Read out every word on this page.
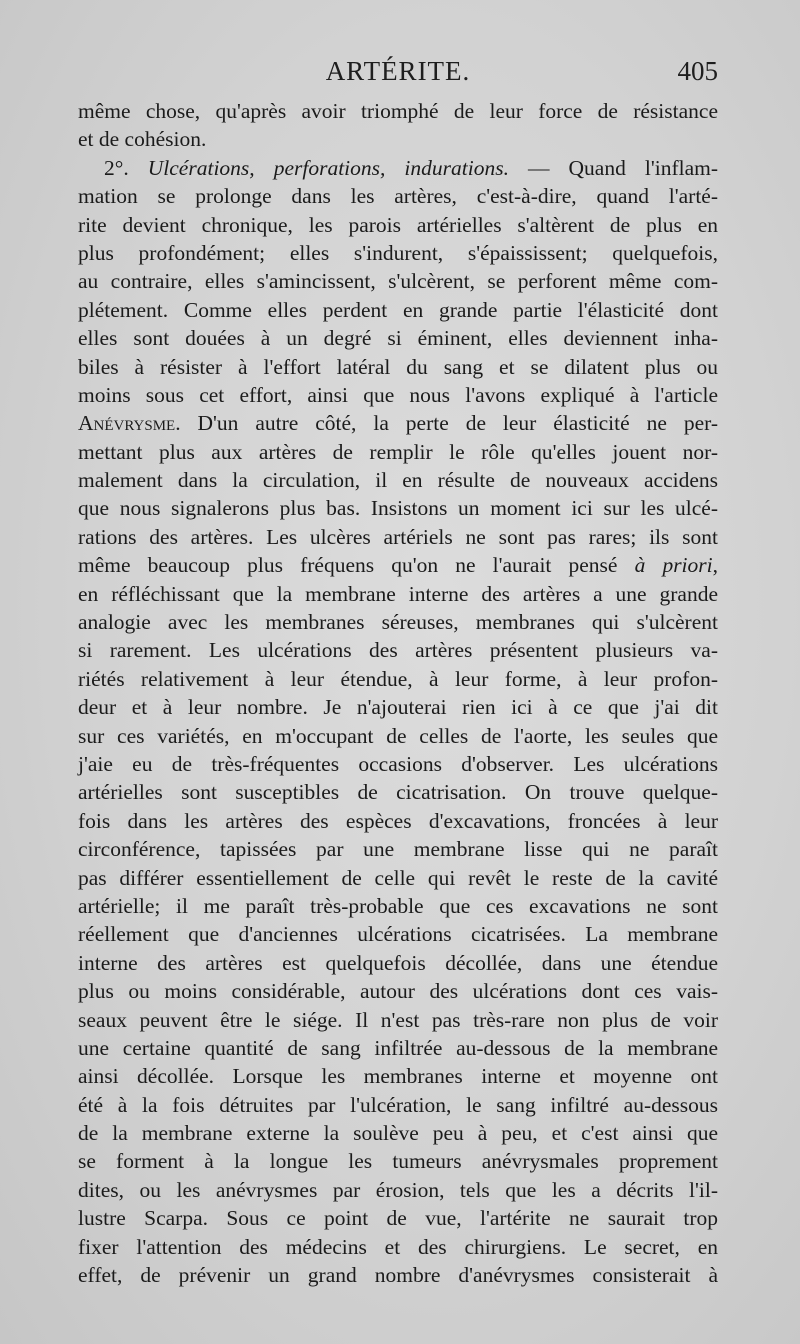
ARTÉRITE.	405
même chose, qu'après avoir triomphé de leur force de résistance
et de cohésion.
2°. Ulcérations, perforations, indurations. — Quand l'inflam-
mation se prolonge dans les artères, c'est-à-dire, quand l'arté-
rite devient chronique, les parois artérielles s'altèrent de plus en
plus profondément; elles s'indurent, s'épaississent; quelquefois,
au contraire, elles s'amincissent, s'ulcèrent, se perforent même com-
plétement. Comme elles perdent en grande partie l'élasticité dont
elles sont douées à un degré si éminent, elles deviennent inha-
biles à résister à l'effort latéral du sang et se dilatent plus ou
moins sous cet effort, ainsi que nous l'avons expliqué à l'article
Anévrysme. D'un autre côté, la perte de leur élasticité ne per-
mettant plus aux artères de remplir le rôle qu'elles jouent nor-
malement dans la circulation, il en résulte de nouveaux accidens
que nous signalerons plus bas. Insistons un moment ici sur les ulcé-
rations des artères. Les ulcères artériels ne sont pas rares; ils sont
même beaucoup plus fréquens qu'on ne l'aurait pensé à priori,
en réfléchissant que la membrane interne des artères a une grande
analogie avec les membranes séreuses, membranes qui s'ulcèrent
si rarement. Les ulcérations des artères présentent plusieurs va-
riétés relativement à leur étendue, à leur forme, à leur profon-
deur et à leur nombre. Je n'ajouterai rien ici à ce que j'ai dit
sur ces variétés, en m'occupant de celles de l'aorte, les seules que
j'aie eu de très-fréquentes occasions d'observer. Les ulcérations
artérielles sont susceptibles de cicatrisation. On trouve quelque-
fois dans les artères des espèces d'excavations, froncées à leur
circonférence, tapissées par une membrane lisse qui ne paraît
pas différer essentiellement de celle qui revêt le reste de la cavité
artérielle; il me paraît très-probable que ces excavations ne sont
réellement que d'anciennes ulcérations cicatrisées. La membrane
interne des artères est quelquefois décollée, dans une étendue
plus ou moins considérable, autour des ulcérations dont ces vais-
seaux peuvent être le siége. Il n'est pas très-rare non plus de voir
une certaine quantité de sang infiltrée au-dessous de la membrane
ainsi décollée. Lorsque les membranes interne et moyenne ont
été à la fois détruites par l'ulcération, le sang infiltré au-dessous
de la membrane externe la soulève peu à peu, et c'est ainsi que
se forment à la longue les tumeurs anévrysmales proprement
dites, ou les anévrysmes par érosion, tels que les a décrits l'il-
lustre Scarpa. Sous ce point de vue, l'artérite ne saurait trop
fixer l'attention des médecins et des chirurgiens. Le secret, en
effet, de prévenir un grand nombre d'anévrysmes consisterait à
